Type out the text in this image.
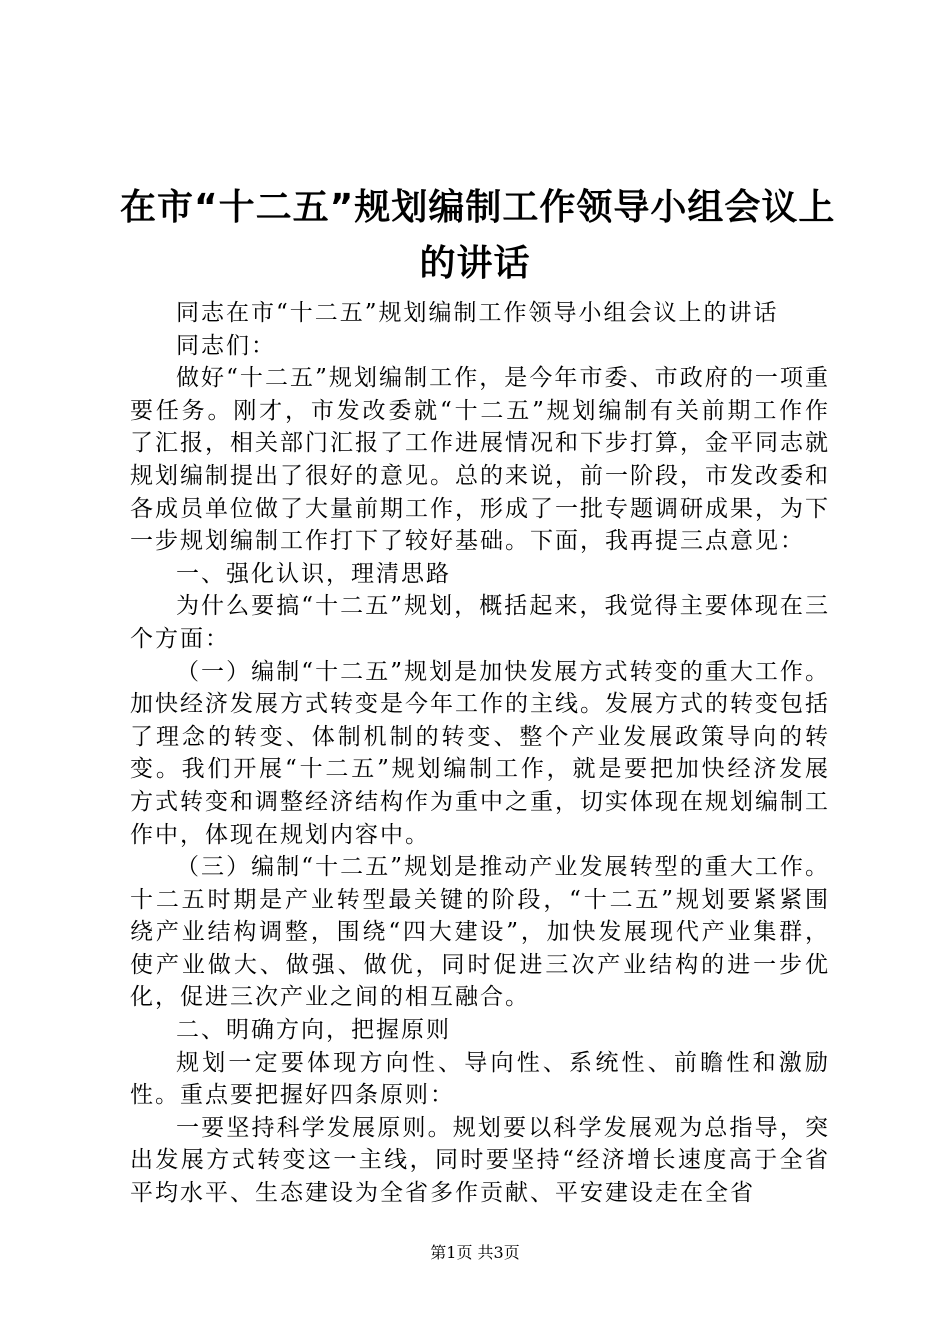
在市“十二五”规划编制工作领导小组会议上
的讲话

同志在市“十二五”规划编制工作领导小组会议上的讲话

同志们：

做好“十二五”规划编制工作，是今年市委、市政府的一项重要任务。刚才，市发改委就“十二五”规划编制有关前期工作作了汇报，相关部门汇报了工作进展情况和下步打算，金平同志就规划编制提出了很好的意见。总的来说，前一阶段，市发改委和各成员单位做了大量前期工作，形成了一批专题调研成果，为下一步规划编制工作打下了较好基础。下面，我再提三点意见：

一、强化认识，理清思路

为什么要搞“十二五”规划，概括起来，我觉得主要体现在三个方面：

（一）编制“十二五”规划是加快发展方式转变的重大工作。加快经济发展方式转变是今年工作的主线。发展方式的转变包括了理念的转变、体制机制的转变、整个产业发展政策导向的转变。我们开展“十二五”规划编制工作，就是要把加快经济发展方式转变和调整经济结构作为重中之重，切实体现在规划编制工作中，体现在规划内容中。

（三）编制“十二五”规划是推动产业发展转型的重大工作。十二五时期是产业转型最关键的阶段，“十二五”规划要紧紧围绕产业结构调整，围绕“四大建设”，加快发展现代产业集群，使产业做大、做强、做优，同时促进三次产业结构的进一步优化，促进三次产业之间的相互融合。

二、明确方向，把握原则

规划一定要体现方向性、导向性、系统性、前瞻性和激励性。重点要把握好四条原则：

一要坚持科学发展原则。规划要以科学发展观为总指导，突出发展方式转变这一主线，同时要坚持“经济增长速度高于全省平均水平、生态建设为全省多作贡献、平安建设走在全省

第1页 共3页
